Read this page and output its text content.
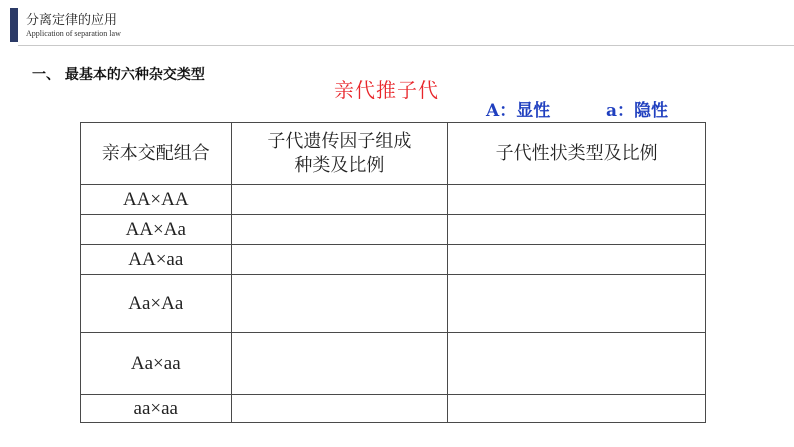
分离定律的应用
Application of separation law
一、 最基本的六种杂交类型
亲代推子代
A：显性	a：隐性
亲本交配组合	子代遗传因子组成种类及比例	子代性状类型及比例
AA×AA		
AA×Aa		
AA×aa		
Aa×Aa		
Aa×aa		
aa×aa		
